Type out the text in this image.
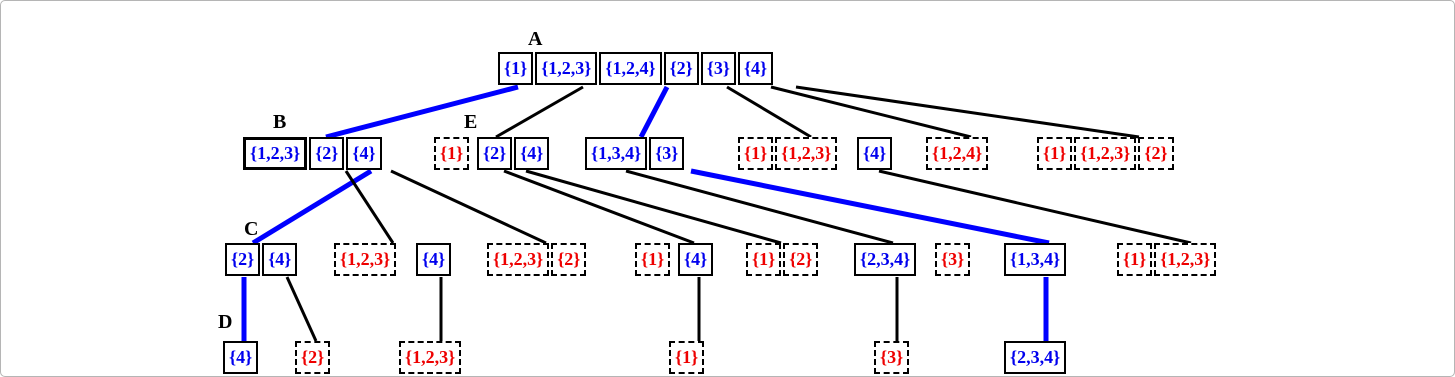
{1} {1,2,3} {1,2,4} {2} {3} {4}
{1,2,3} {2} {4}	{1}	{2} {4}	{1,3,4} {3}	{1} {1,2,3}	{4}	{1,2,4}	{1} {1,2,3} {2}
{2} {4}	{1,2,3}	{4}	{1,2,3} {2}	{1}	{4}	{1} {2}	{2,3,4}	{3}	{1,3,4}	{1} {1,2,3}
{4}	{2}	{1,2,3}	{1}	{3}	{2,3,4}
A
B	E
C
D
